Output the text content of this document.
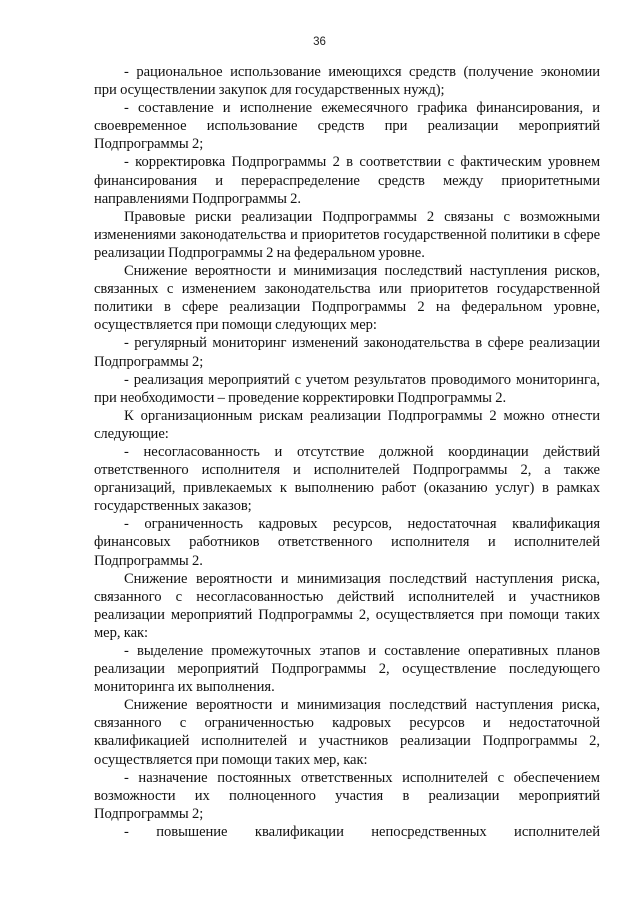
36

- рациональное использование имеющихся средств (получение экономии при осуществлении закупок для государственных нужд);

- составление и исполнение ежемесячного графика финансирования, и своевременное использование средств при реализации мероприятий Подпрограммы 2;

- корректировка Подпрограммы 2 в соответствии с фактическим уровнем финансирования и перераспределение средств между приоритетными направлениями Подпрограммы 2.

Правовые риски реализации Подпрограммы 2 связаны с возможными изменениями законодательства и приоритетов государственной политики в сфере реализации Подпрограммы 2 на федеральном уровне.

Снижение вероятности и минимизация последствий наступления рисков, связанных с изменением законодательства или приоритетов государственной политики в сфере реализации Подпрограммы 2 на федеральном уровне, осуществляется при помощи следующих мер:

- регулярный мониторинг изменений законодательства в сфере реализации Подпрограммы 2;

- реализация мероприятий с учетом результатов проводимого мониторинга, при необходимости – проведение корректировки Подпрограммы 2.

К организационным рискам реализации Подпрограммы 2 можно отнести следующие:

- несогласованность и отсутствие должной координации действий ответственного исполнителя и исполнителей Подпрограммы 2, а также организаций, привлекаемых к выполнению работ (оказанию услуг) в рамках государственных заказов;

- ограниченность кадровых ресурсов, недостаточная квалификация финансовых работников ответственного исполнителя и исполнителей Подпрограммы 2.

Снижение вероятности и минимизация последствий наступления риска, связанного с несогласованностью действий исполнителей и участников реализации мероприятий Подпрограммы 2, осуществляется при помощи таких мер, как:

- выделение промежуточных этапов и составление оперативных планов реализации мероприятий Подпрограммы 2, осуществление последующего мониторинга их выполнения.

Снижение вероятности и минимизация последствий наступления риска, связанного с ограниченностью кадровых ресурсов и недостаточной квалификацией исполнителей и участников реализации Подпрограммы 2, осуществляется при помощи таких мер, как:

- назначение постоянных ответственных исполнителей с обеспечением возможности их полноценного участия в реализации мероприятий Подпрограммы 2;

- повышение квалификации непосредственных исполнителей
